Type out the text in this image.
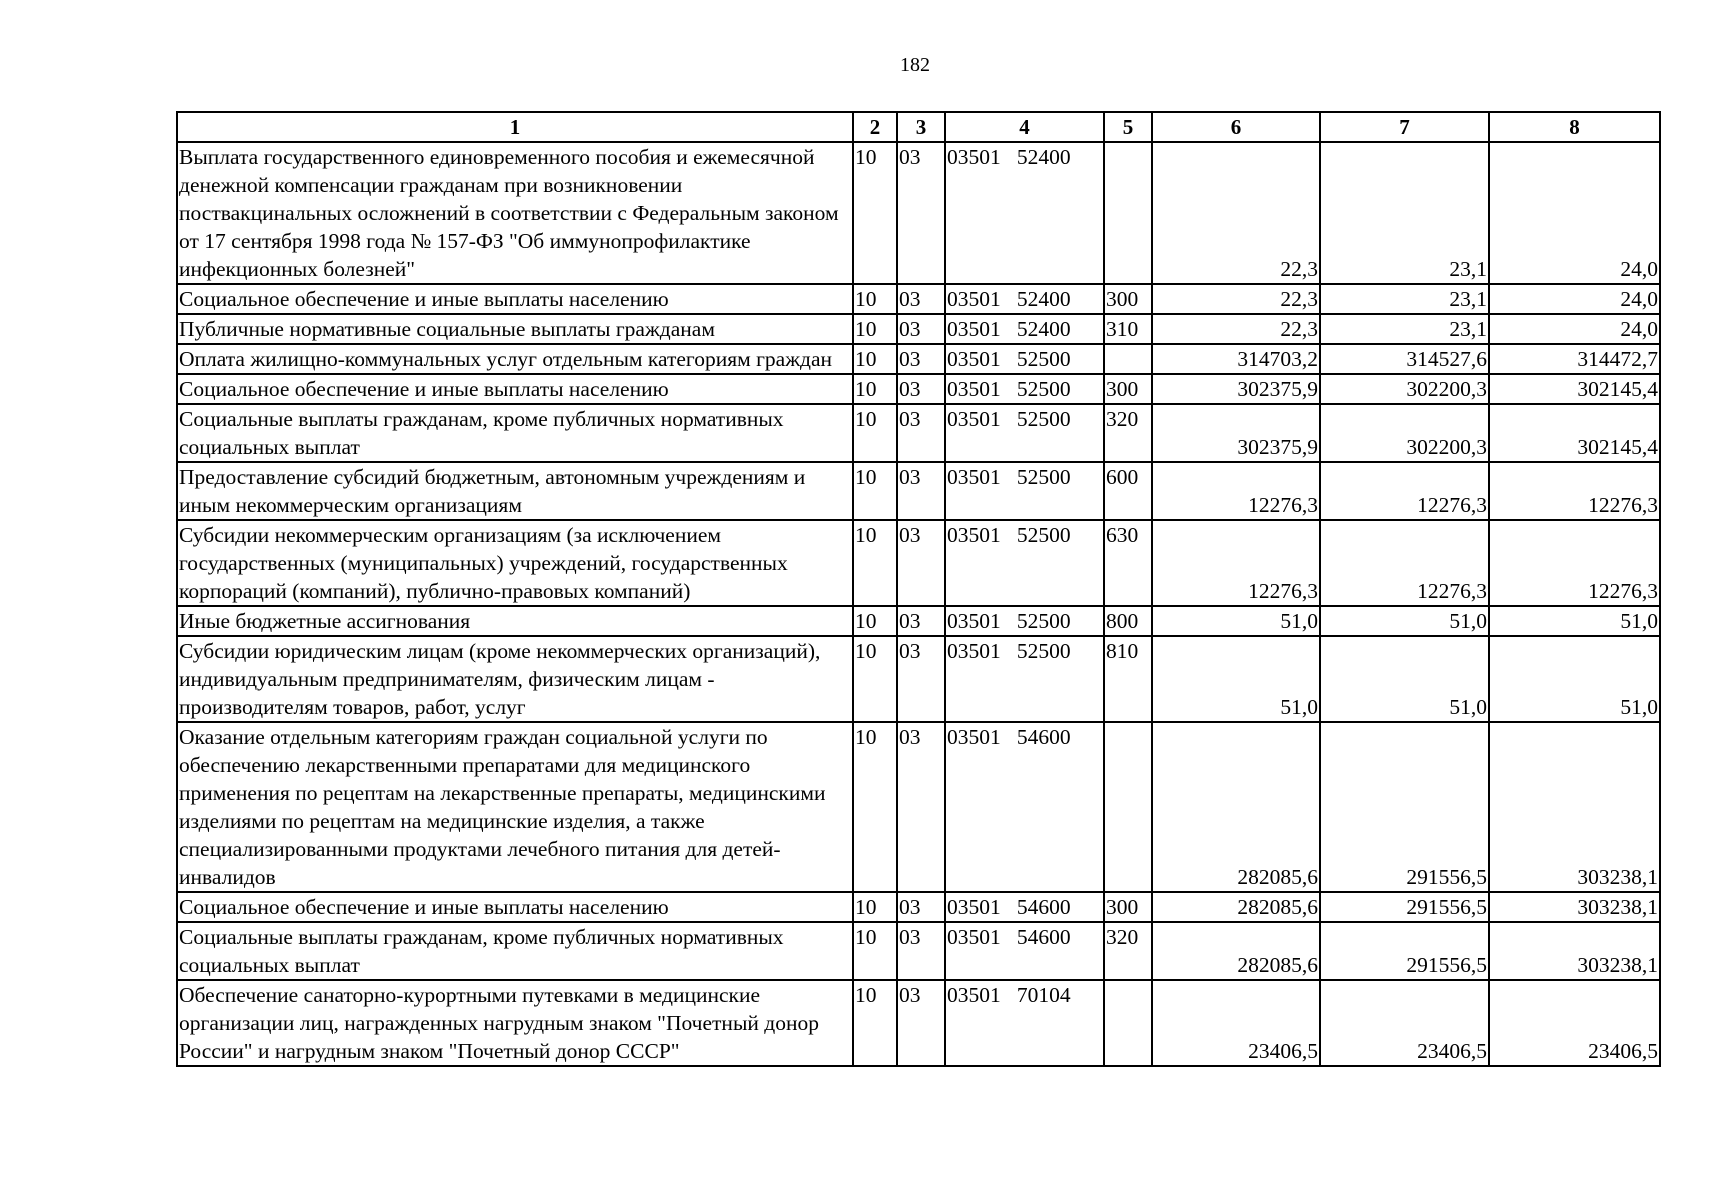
182
1	2	3	4	5	6	7	8
Выплата государственного единовременного пособия и ежемесячной денежной компенсации гражданам при возникновении поствакцинальных осложнений в соответствии с Федеральным законом от 17 сентября 1998 года № 157-ФЗ "Об иммунопрофилактике инфекционных болезней"	10	03	03501   52400		22,3	23,1	24,0
Социальное обеспечение и иные выплаты населению	10	03	03501   52400	300	22,3	23,1	24,0
Публичные нормативные социальные выплаты гражданам	10	03	03501   52400	310	22,3	23,1	24,0
Оплата жилищно-коммунальных услуг отдельным категориям граждан	10	03	03501   52500		314703,2	314527,6	314472,7
Социальное обеспечение и иные выплаты населению	10	03	03501   52500	300	302375,9	302200,3	302145,4
Социальные выплаты гражданам, кроме публичных нормативных социальных выплат	10	03	03501   52500	320	302375,9	302200,3	302145,4
Предоставление субсидий бюджетным, автономным учреждениям и иным некоммерческим организациям	10	03	03501   52500	600	12276,3	12276,3	12276,3
Субсидии некоммерческим организациям (за исключением государственных (муниципальных) учреждений, государственных корпораций (компаний), публично-правовых компаний)	10	03	03501   52500	630	12276,3	12276,3	12276,3
Иные бюджетные ассигнования	10	03	03501   52500	800	51,0	51,0	51,0
Субсидии юридическим лицам (кроме некоммерческих организаций), индивидуальным предпринимателям, физическим лицам - производителям товаров, работ, услуг	10	03	03501   52500	810	51,0	51,0	51,0
Оказание отдельным категориям граждан социальной услуги по обеспечению лекарственными препаратами для медицинского применения по рецептам на лекарственные препараты, медицинскими изделиями по рецептам на медицинские изделия, а также специализированными продуктами лечебного питания для детей-инвалидов	10	03	03501   54600		282085,6	291556,5	303238,1
Социальное обеспечение и иные выплаты населению	10	03	03501   54600	300	282085,6	291556,5	303238,1
Социальные выплаты гражданам, кроме публичных нормативных социальных выплат	10	03	03501   54600	320	282085,6	291556,5	303238,1
Обеспечение санаторно-курортными путевками в медицинские организации лиц, награжденных нагрудным знаком "Почетный донор России" и нагрудным знаком "Почетный донор СССР"	10	03	03501   70104		23406,5	23406,5	23406,5
